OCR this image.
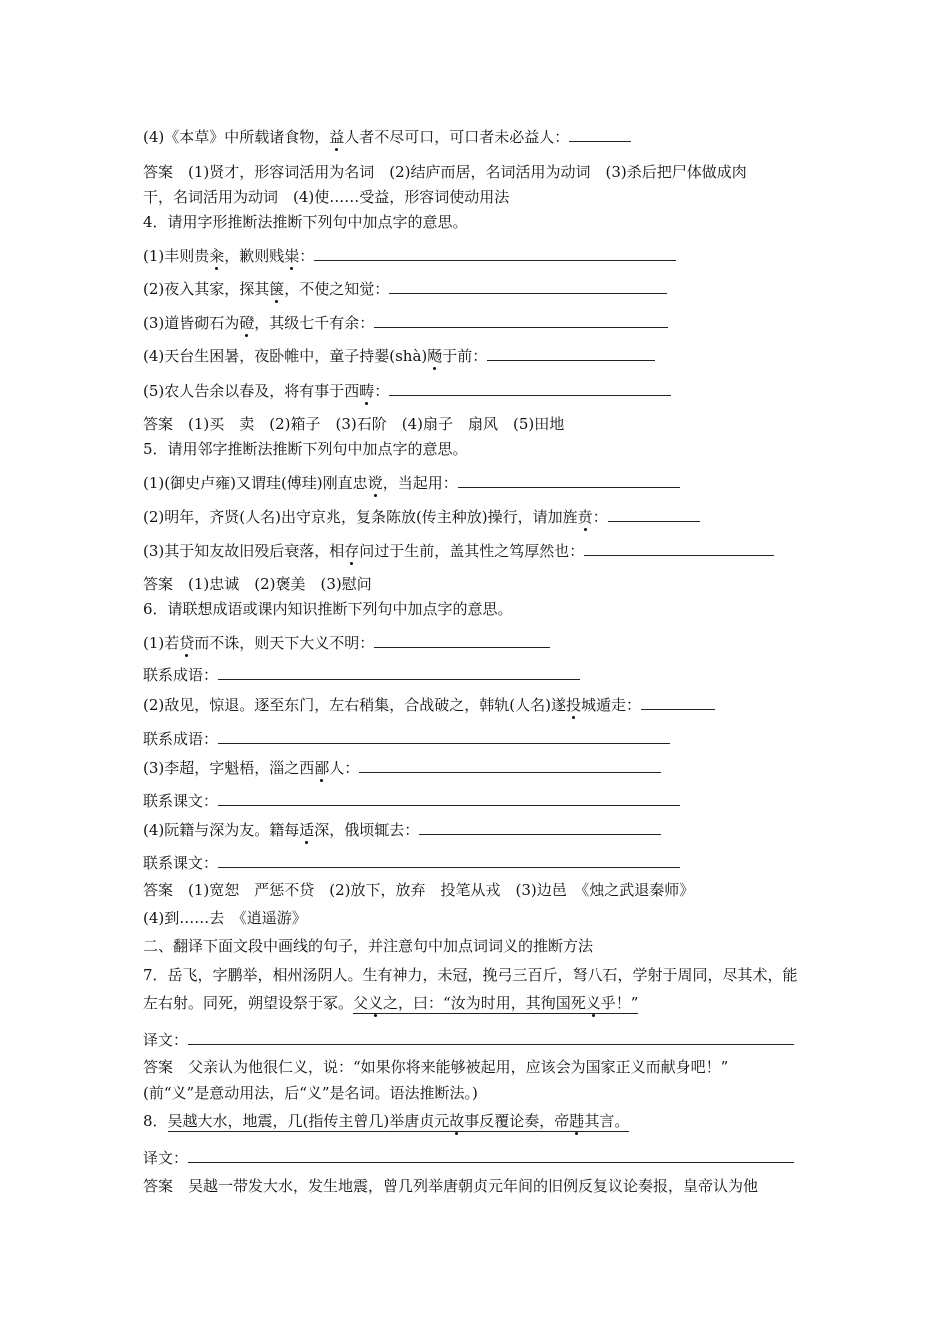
(4)《本草》中所载诸食物，益人者不尽可口，可口者未必益人：
答案　(1)贤才，形容词活用为名词　(2)结庐而居，名词活用为动词　(3)杀后把尸体做成肉
干，名词活用为动词　(4)使……受益，形容词使动用法
4．请用字形推断法推断下列句中加点字的意思。
(1)丰则贵籴，歉则贱粜：
(2)夜入其家，探其箧，不使之知觉：
(3)道皆砌石为磴，其级七千有余：
(4)天台生困暑，夜卧帷中，童子持翣(shà)飏于前：
(5)农人告余以春及，将有事于西畴：
答案　(1)买　卖　(2)箱子　(3)石阶　(4)扇子　扇风　(5)田地
5．请用邻字推断法推断下列句中加点字的意思。
(1)(御史卢雍)又谓珪(傅珪)刚直忠谠，当起用：
(2)明年，齐贤(人名)出守京兆，复条陈放(传主种放)操行，请加旌贲：
(3)其于知友故旧殁后衰落，相存问过于生前，盖其性之笃厚然也：
答案　(1)忠诚　(2)褒美　(3)慰问
6．请联想成语或课内知识推断下列句中加点字的意思。
(1)若贷而不诛，则天下大义不明：
联系成语：
(2)敌见，惊退。逐至东门，左右稍集，合战破之，韩轨(人名)遂投城遁走：
联系成语：
(3)李超，字魁梧，淄之西鄙人：
联系课文：
(4)阮籍与深为友。籍每适深，俄顷辄去：
联系课文：
答案　(1)宽恕　严惩不贷　(2)放下，放弃　投笔从戎　(3)边邑　《烛之武退秦师》
(4)到……去　《逍遥游》
二、翻译下面文段中画线的句子，并注意句中加点词词义的推断方法
7．岳飞，字鹏举，相州汤阴人。生有神力，未冠，挽弓三百斤，弩八石，学射于周同，尽其术，能
左右射。同死，朔望设祭于冢。父义之，曰：“汝为时用，其徇国死义乎！”
译文：
答案　父亲认为他很仁义，说：“如果你将来能够被起用，应该会为国家正义而献身吧！”
(前“义”是意动用法，后“义”是名词。语法推断法。)
8．吴越大水，地震，几(指传主曾几)举唐贞元故事反覆论奏，帝韪其言。
译文：
答案　吴越一带发大水，发生地震，曾几列举唐朝贞元年间的旧例反复议论奏报，皇帝认为他
